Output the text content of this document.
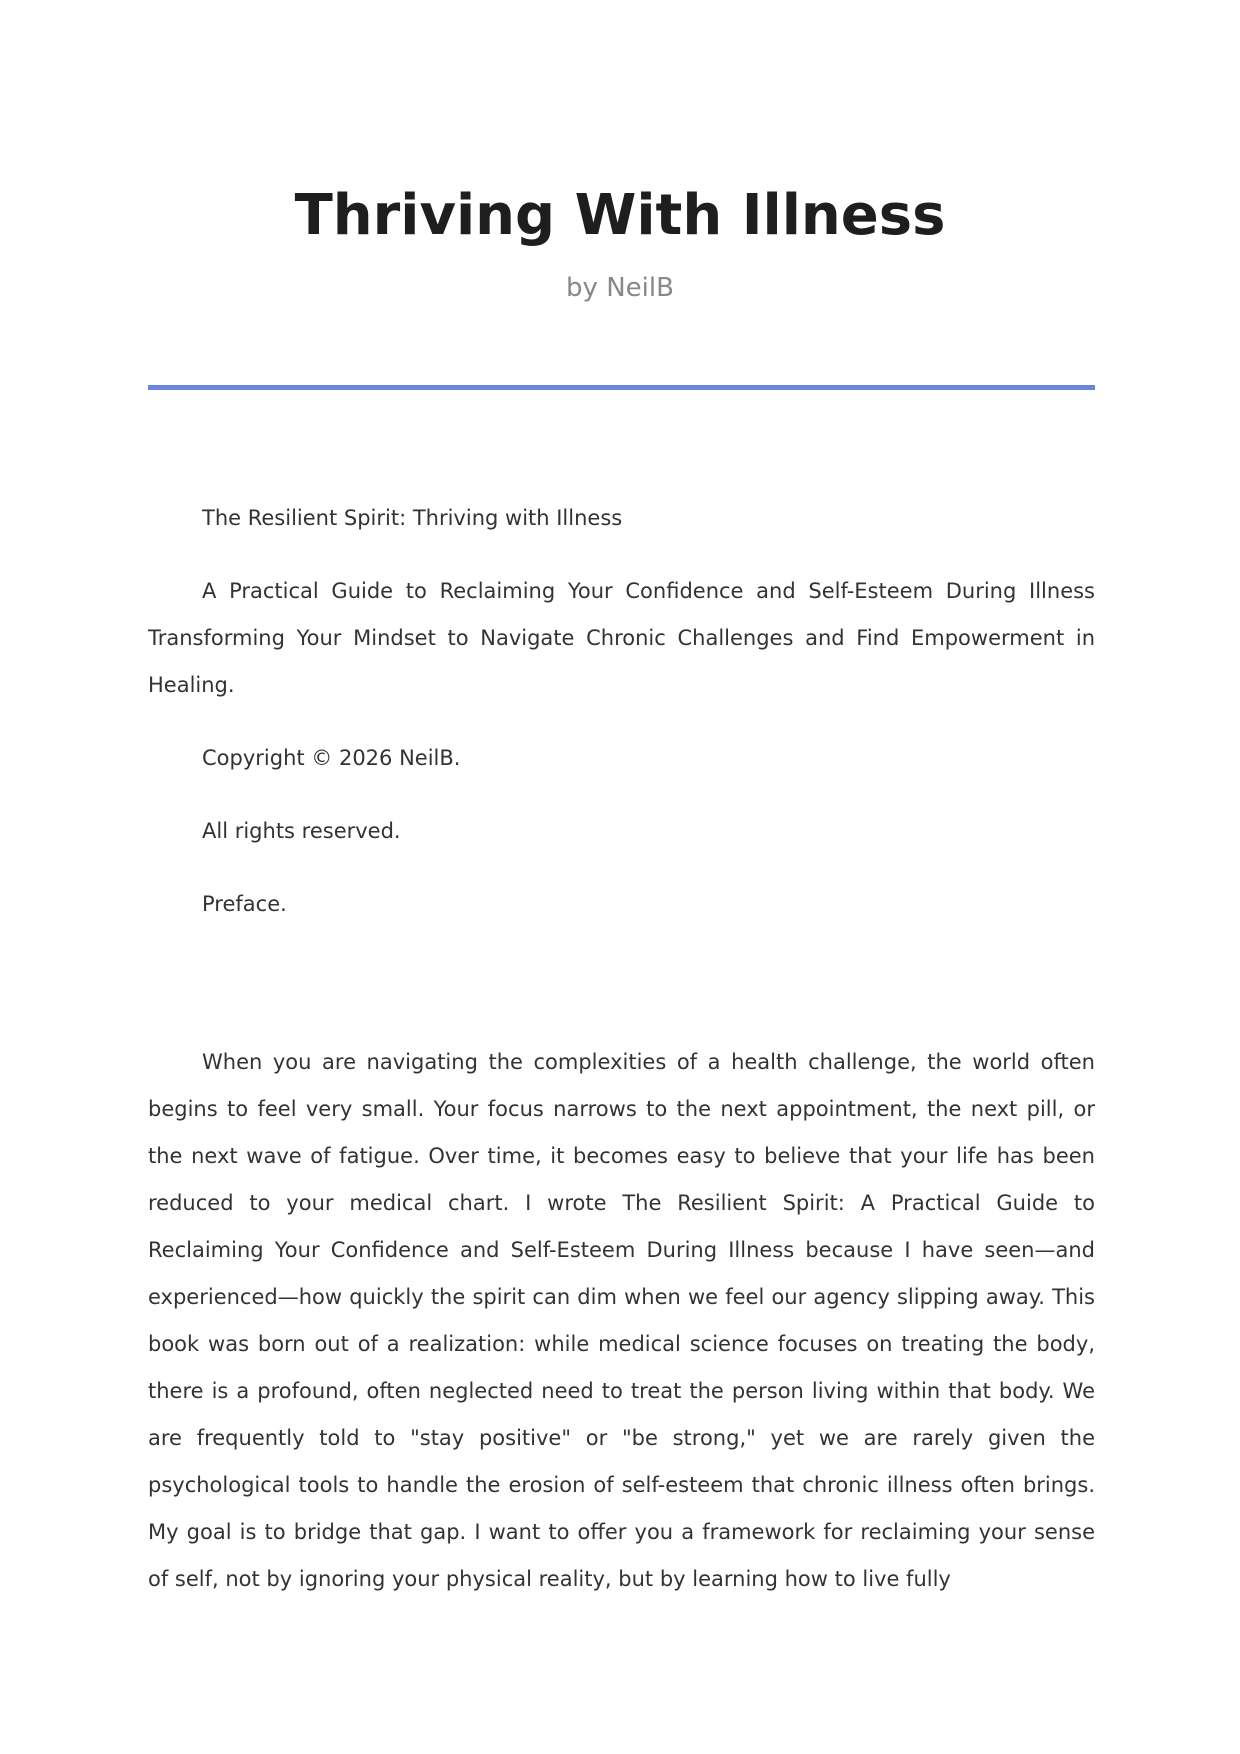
Thriving With Illness
by NeilB

The Resilient Spirit: Thriving with Illness

A Practical Guide to Reclaiming Your Confidence and Self-Esteem During Illness Transforming Your Mindset to Navigate Chronic Challenges and Find Empowerment in Healing.

Copyright © 2026 NeilB.

All rights reserved.

Preface.

When you are navigating the complexities of a health challenge, the world often begins to feel very small. Your focus narrows to the next appointment, the next pill, or the next wave of fatigue. Over time, it becomes easy to believe that your life has been reduced to your medical chart. I wrote The Resilient Spirit: A Practical Guide to Reclaiming Your Confidence and Self-Esteem During Illness because I have seen—and experienced—how quickly the spirit can dim when we feel our agency slipping away. This book was born out of a realization: while medical science focuses on treating the body, there is a profound, often neglected need to treat the person living within that body. We are frequently told to "stay positive" or "be strong," yet we are rarely given the psychological tools to handle the erosion of self-esteem that chronic illness often brings. My goal is to bridge that gap. I want to offer you a framework for reclaiming your sense of self, not by ignoring your physical reality, but by learning how to live fully
